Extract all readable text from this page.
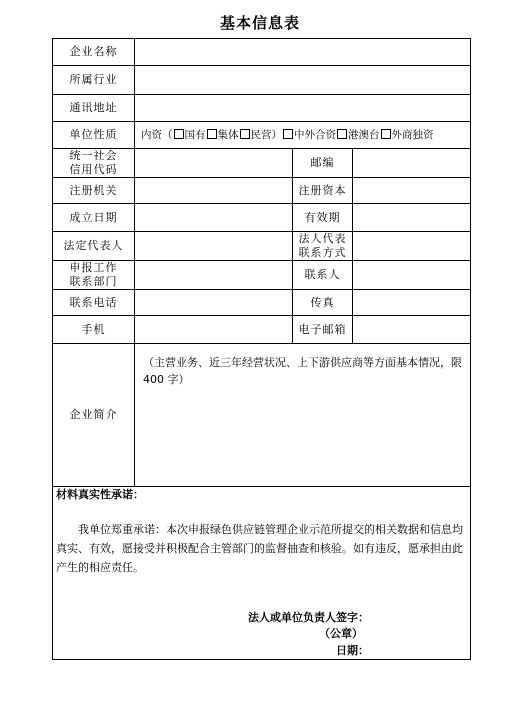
基本信息表
企业名称			
所属行业			
通讯地址			
单位性质	内资（ 国有 集体 民营） 中外合资 港澳台 外商独资		

统一社会
信用代码		邮编	
注册机关		注册资本	
成立日期		有效期	
法定代表人		法人代表
联系方式	

申报工作
联系部门		联系人	
联系电话		传真	
手机		电子邮箱	
企业简介	（主营业务、近三年经营状况、上下游供应商等方面基本情况，限 400 字）		

材料真实性承诺：
我单位郑重承诺：本次申报绿色供应链管理企业示范所提交的相关数据和信息均真实、有效，愿接受并积极配合主管部门的监督抽查和核验。如有违反，愿承担由此产生的相应责任。
法人或单位负责人签字：
（公章）
日期：			
